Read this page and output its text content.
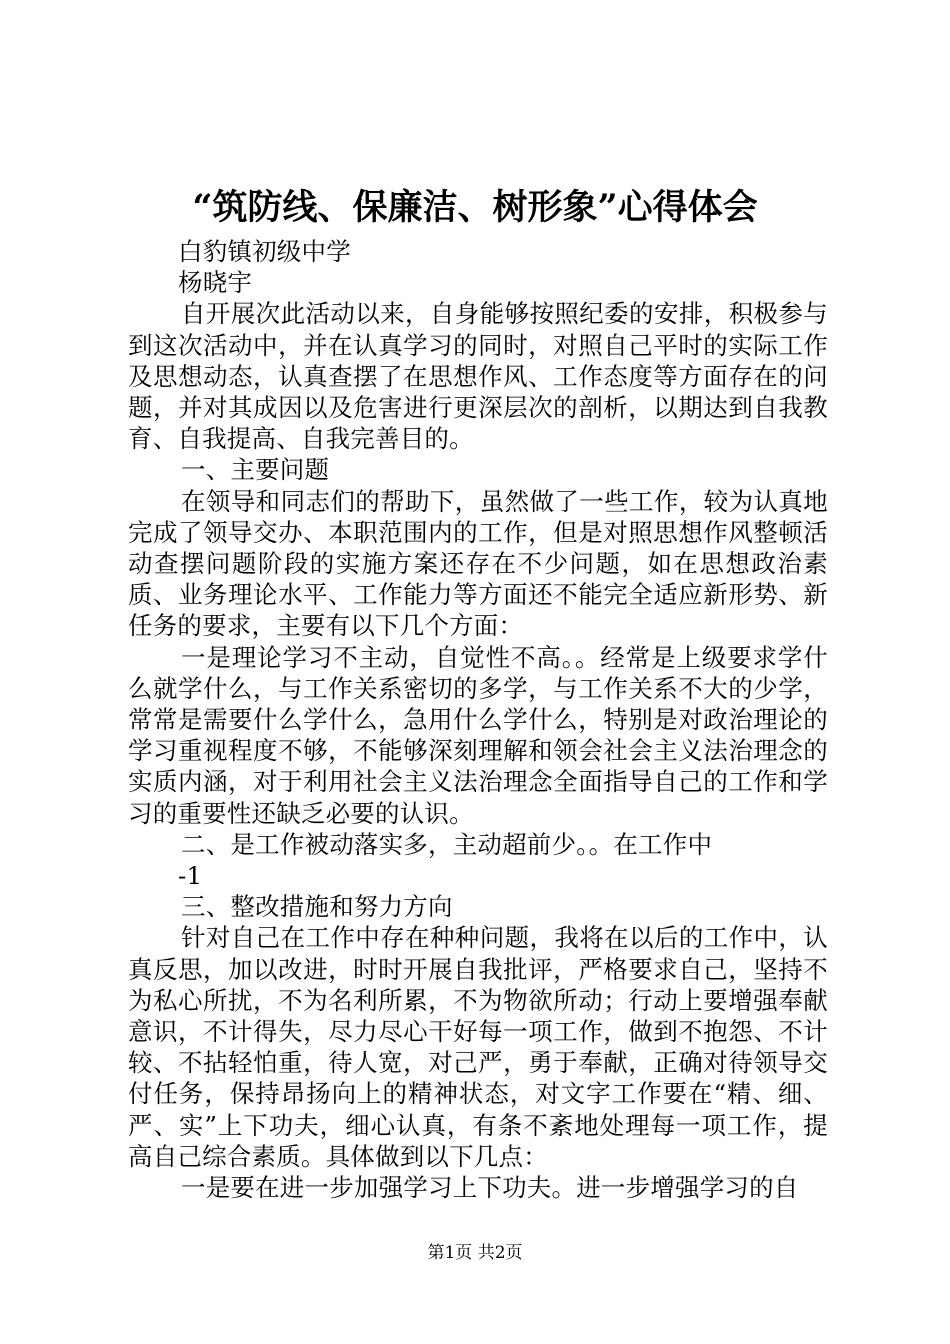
“筑防线、保廉洁、树形象”心得体会

白豹镇初级中学

杨晓宇

自开展次此活动以来，自身能够按照纪委的安排，积极参与到这次活动中，并在认真学习的同时，对照自己平时的实际工作及思想动态，认真查摆了在思想作风、工作态度等方面存在的问题，并对其成因以及危害进行更深层次的剖析，以期达到自我教育、自我提高、自我完善目的。

一、主要问题

在领导和同志们的帮助下，虽然做了一些工作，较为认真地完成了领导交办、本职范围内的工作，但是对照思想作风整顿活动查摆问题阶段的实施方案还存在不少问题，如在思想政治素质、业务理论水平、工作能力等方面还不能完全适应新形势、新任务的要求，主要有以下几个方面：

一是理论学习不主动，自觉性不高。。经常是上级要求学什么就学什么，与工作关系密切的多学，与工作关系不大的少学，常常是需要什么学什么，急用什么学什么，特别是对政治理论的学习重视程度不够，不能够深刻理解和领会社会主义法治理念的实质内涵，对于利用社会主义法治理念全面指导自己的工作和学习的重要性还缺乏必要的认识。

二、是工作被动落实多，主动超前少。。在工作中

-1

三、整改措施和努力方向

针对自己在工作中存在种种问题，我将在以后的工作中，认真反思，加以改进，时时开展自我批评，严格要求自己，坚持不为私心所扰，不为名利所累，不为物欲所动；行动上要增强奉献意识，不计得失，尽力尽心干好每一项工作，做到不抱怨、不计较、不拈轻怕重，待人宽，对己严，勇于奉献，正确对待领导交付任务，保持昂扬向上的精神状态，对文字工作要在“精、细、严、实”上下功夫，细心认真，有条不紊地处理每一项工作，提高自己综合素质。具体做到以下几点：

一是要在进一步加强学习上下功夫。进一步增强学习的自

第1页 共2页
